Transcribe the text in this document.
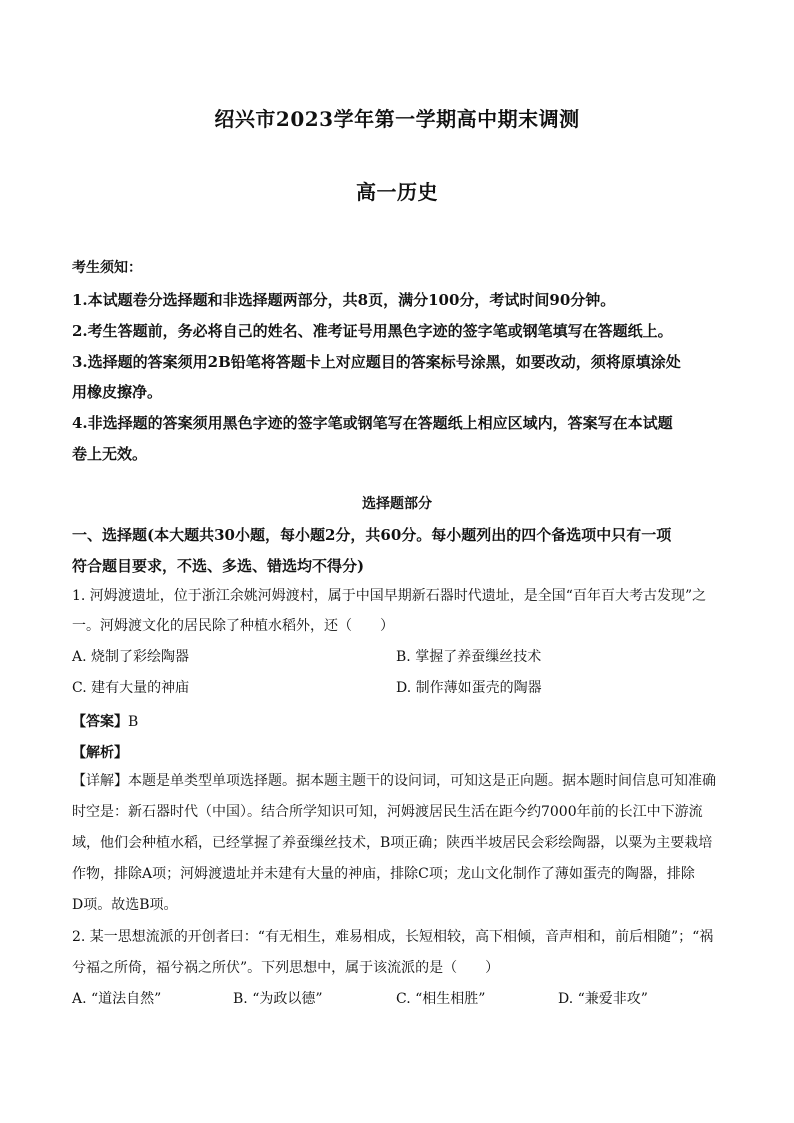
绍兴市2023学年第一学期高中期末调测
高一历史
考生须知：
1.本试题卷分选择题和非选择题两部分，共8页，满分100分，考试时间90分钟。
2.考生答题前，务必将自己的姓名、准考证号用黑色字迹的签字笔或钢笔填写在答题纸上。
3.选择题的答案须用2B铅笔将答题卡上对应题目的答案标号涂黑，如要改动，须将原填涂处
用橡皮擦净。
4.非选择题的答案须用黑色字迹的签字笔或钢笔写在答题纸上相应区域内，答案写在本试题
卷上无效。
选择题部分
一、选择题(本大题共30小题，每小题2分，共60分。每小题列出的四个备选项中只有一项
符合题目要求，不选、多选、错选均不得分)
1. 河姆渡遗址，位于浙江余姚河姆渡村，属于中国早期新石器时代遗址，是全国“百年百大考古发现”之
一。河姆渡文化的居民除了种植水稻外，还（　　）
A. 烧制了彩绘陶器	B. 掌握了养蚕缫丝技术
C. 建有大量的神庙	D. 制作薄如蛋壳的陶器
【答案】B
【解析】
【详解】本题是单类型单项选择题。据本题主题干的设问词，可知这是正向题。据本题时间信息可知准确
时空是：新石器时代（中国）。结合所学知识可知，河姆渡居民生活在距今约7000年前的长江中下游流
域，他们会种植水稻，已经掌握了养蚕缫丝技术，B项正确；陕西半坡居民会彩绘陶器，以粟为主要栽培
作物，排除A项；河姆渡遗址并未建有大量的神庙，排除C项；龙山文化制作了薄如蛋壳的陶器，排除
D项。故选B项。
2. 某一思想流派的开创者曰：“有无相生，难易相成，长短相较，高下相倾，音声相和，前后相随”；“祸
兮福之所倚，福兮祸之所伏”。下列思想中，属于该流派的是（　　）
A. “道法自然”	B. “为政以德”	C. “相生相胜”	D. “兼爱非攻”
